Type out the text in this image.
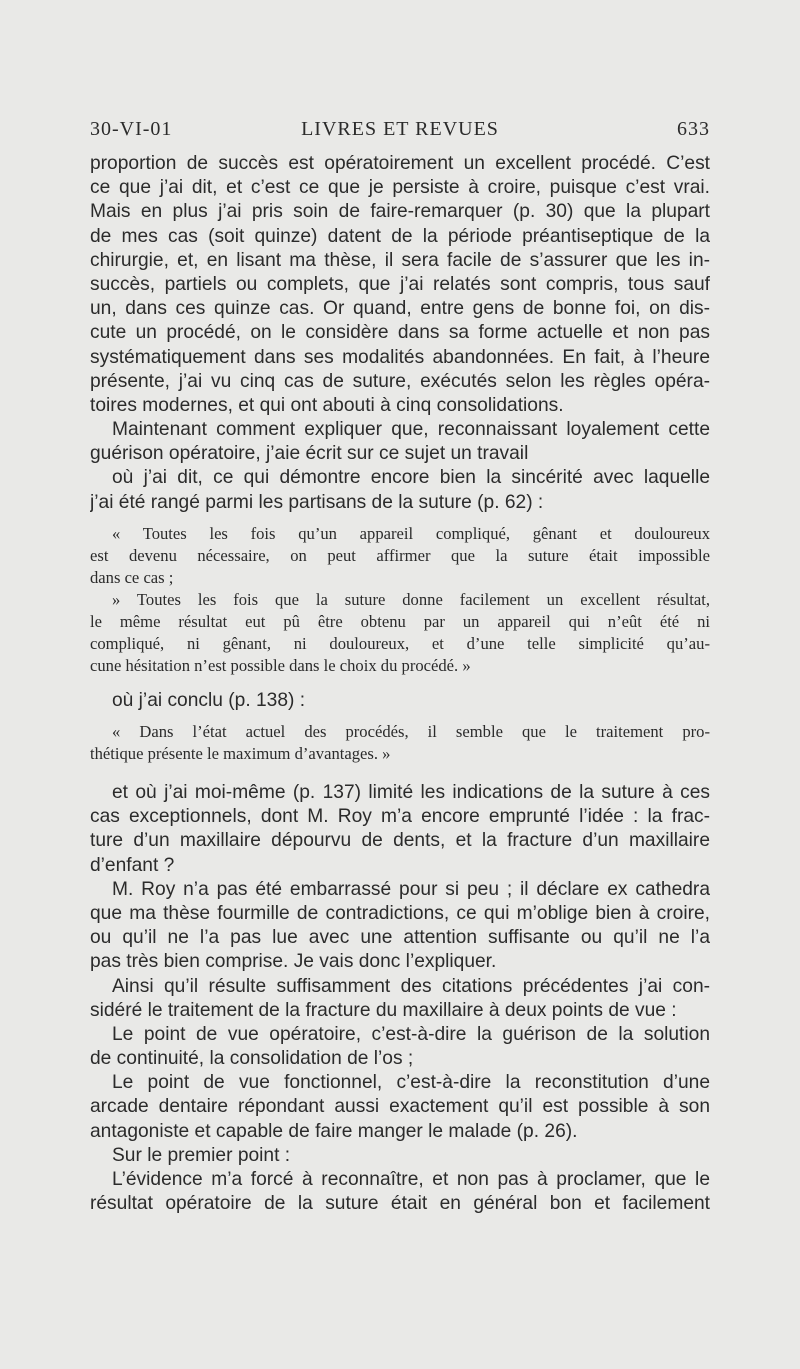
30-VI-01	LIVRES ET REVUES	633
proportion de succès est opératoirement un excellent procédé. C’est
ce que j’ai dit, et c’est ce que je persiste à croire, puisque c’est vrai.
Mais en plus j’ai pris soin de faire-remarquer (p. 30) que la plupart
de mes cas (soit quinze) datent de la période préantiseptique de la
chirurgie, et, en lisant ma thèse, il sera facile de s’assurer que les in-
succès, partiels ou complets, que j’ai relatés sont compris, tous sauf
un, dans ces quinze cas. Or quand, entre gens de bonne foi, on dis-
cute un procédé, on le considère dans sa forme actuelle et non pas
systématiquement dans ses modalités abandonnées. En fait, à l’heure
présente, j’ai vu cinq cas de suture, exécutés selon les règles opéra-
toires modernes, et qui ont abouti à cinq consolidations.
Maintenant comment expliquer que, reconnaissant loyalement cette
guérison opératoire, j’aie écrit sur ce sujet un travail
où j’ai dit, ce qui démontre encore bien la sincérité avec laquelle
j’ai été rangé parmi les partisans de la suture (p. 62) :
« Toutes les fois qu’un appareil compliqué, gênant et douloureux
est devenu nécessaire, on peut affirmer que la suture était impossible
dans ce cas ;
» Toutes les fois que la suture donne facilement un excellent résultat,
le même résultat eut pû être obtenu par un appareil qui n’eût été ni
compliqué, ni gênant, ni douloureux, et d’une telle simplicité qu’au-
cune hésitation n’est possible dans le choix du procédé. »
où j’ai conclu (p. 138) :
« Dans l’état actuel des procédés, il semble que le traitement pro-
thétique présente le maximum d’avantages. »
et où j’ai moi-même (p. 137) limité les indications de la suture à ces
cas exceptionnels, dont M. Roy m’a encore emprunté l’idée : la frac-
ture d’un maxillaire dépourvu de dents, et la fracture d’un maxillaire
d’enfant ?
M. Roy n’a pas été embarrassé pour si peu ; il déclare ex cathedra
que ma thèse fourmille de contradictions, ce qui m’oblige bien à croire,
ou qu’il ne l’a pas lue avec une attention suffisante ou qu’il ne l’a
pas très bien comprise. Je vais donc l’expliquer.
Ainsi qu’il résulte suffisamment des citations précédentes j’ai con-
sidéré le traitement de la fracture du maxillaire à deux points de vue :
Le point de vue opératoire, c’est-à-dire la guérison de la solution
de continuité, la consolidation de l’os ;
Le point de vue fonctionnel, c’est-à-dire la reconstitution d’une
arcade dentaire répondant aussi exactement qu’il est possible à son
antagoniste et capable de faire manger le malade (p. 26).
Sur le premier point :
L’évidence m’a forcé à reconnaître, et non pas à proclamer, que le
résultat opératoire de la suture était en général bon et facilement
